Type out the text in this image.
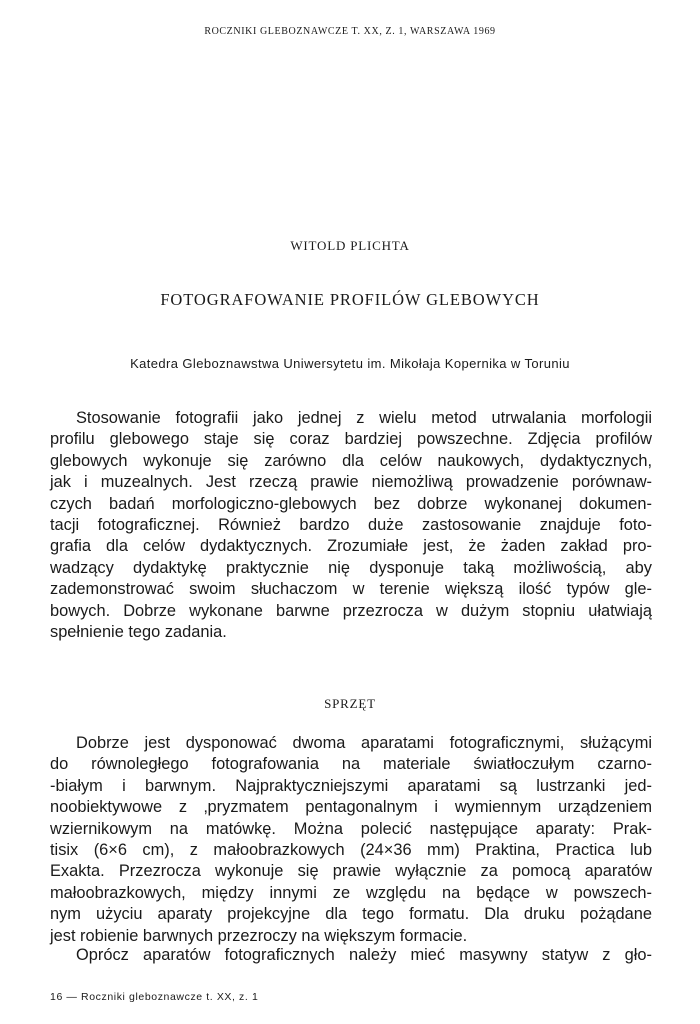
ROCZNIKI GLEBOZNAWCZE T. XX, Z. 1, WARSZAWA 1969
WITOLD PLICHTA
FOTOGRAFOWANIE PROFILÓW GLEBOWYCH
Katedra Gleboznawstwa Uniwersytetu im. Mikołaja Kopernika w Toruniu

Stosowanie fotografii jako jednej z wielu metod utrwalania morfologii
profilu glebowego staje się coraz bardziej powszechne. Zdjęcia profilów
glebowych wykonuje się zarówno dla celów naukowych, dydaktycznych,
jak i muzealnych. Jest rzeczą prawie niemożliwą prowadzenie porównaw-
czych badań morfologiczno-glebowych bez dobrze wykonanej dokumen-
tacji fotograficznej. Również bardzo duże zastosowanie znajduje foto-
grafia dla celów dydaktycznych. Zrozumiałe jest, że żaden zakład pro-
wadzący dydaktykę praktycznie nię dysponuje taką możliwością, aby
zademonstrować swoim słuchaczom w terenie większą ilość typów gle-
bowych. Dobrze wykonane barwne przezrocza w dużym stopniu ułatwiają
spełnienie tego zadania.

SPRZĘT

Dobrze jest dysponować dwoma aparatami fotograficznymi, służącymi
do równoległego fotografowania na materiale światłoczułym czarno-
-białym i barwnym. Najpraktyczniejszymi aparatami są lustrzanki jed-
noobiektywowe z ‚pryzmatem pentagonalnym i wymiennym urządzeniem
wziernikowym na matówkę. Można polecić następujące aparaty: Prak-
tisix (6×6 cm), z małoobrazkowych (24×36 mm) Praktina, Practica lub
Exakta. Przezrocza wykonuje się prawie wyłącznie za pomocą aparatów
małoobrazkowych, między innymi ze względu na będące w powszech-
nym użyciu aparaty projekcyjne dla tego formatu. Dla druku pożądane
jest robienie barwnych przezroczy na większym formacie.

Oprócz aparatów fotograficznych należy mieć masywny statyw z gło-

16 — Roczniki gleboznawcze t. XX, z. 1
